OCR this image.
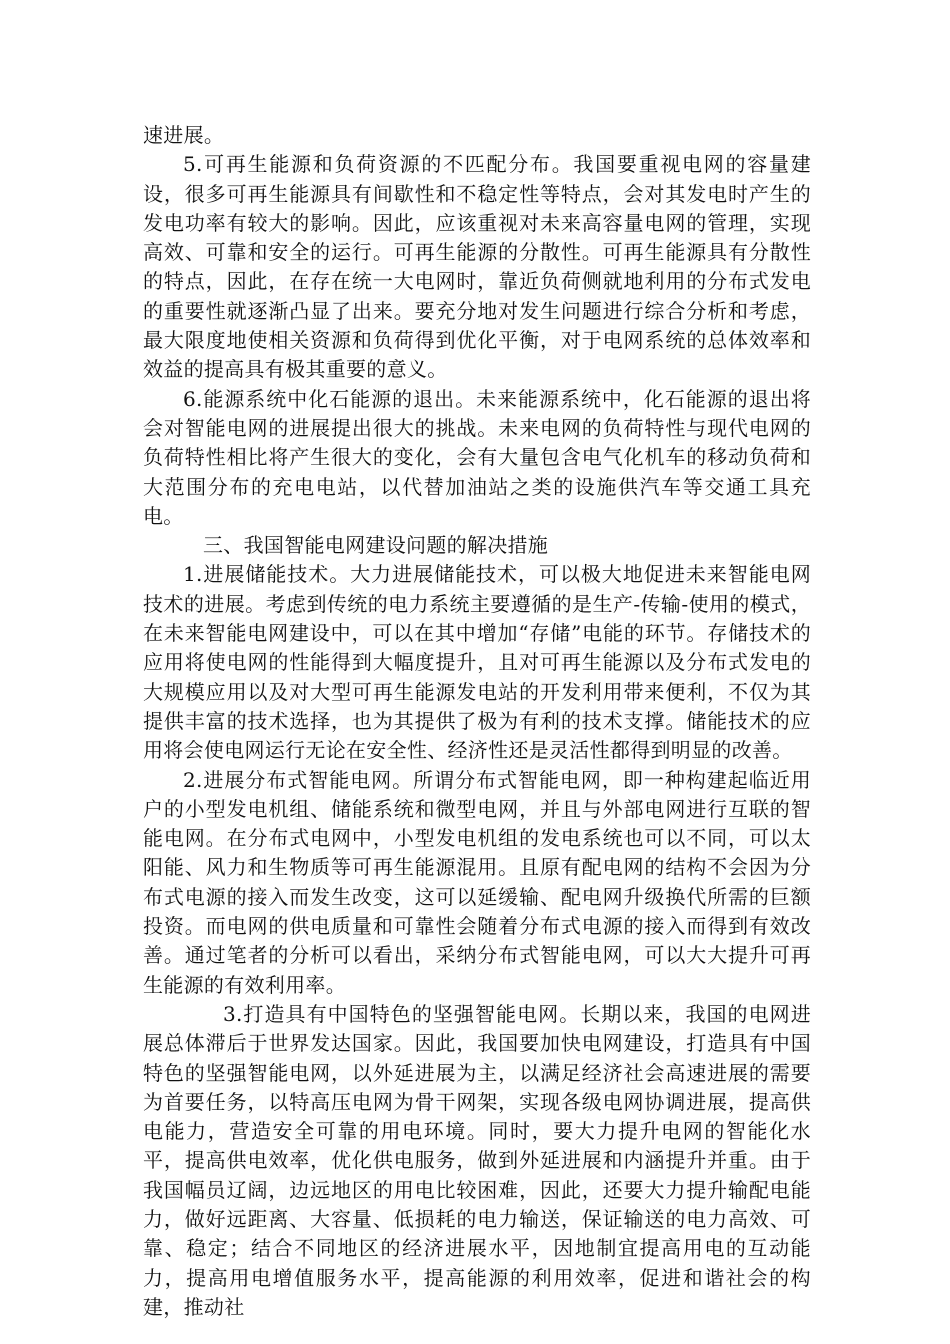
速进展。

5.可再生能源和负荷资源的不匹配分布。我国要重视电网的容量建设，很多可再生能源具有间歇性和不稳定性等特点，会对其发电时产生的发电功率有较大的影响。因此，应该重视对未来高容量电网的管理，实现高效、可靠和安全的运行。可再生能源的分散性。可再生能源具有分散性的特点，因此，在存在统一大电网时，靠近负荷侧就地利用的分布式发电的重要性就逐渐凸显了出来。要充分地对发生问题进行综合分析和考虑，最大限度地使相关资源和负荷得到优化平衡，对于电网系统的总体效率和效益的提高具有极其重要的意义。

6.能源系统中化石能源的退出。未来能源系统中，化石能源的退出将会对智能电网的进展提出很大的挑战。未来电网的负荷特性与现代电网的负荷特性相比将产生很大的变化，会有大量包含电气化机车的移动负荷和大范围分布的充电电站，以代替加油站之类的设施供汽车等交通工具充电。

三、我国智能电网建设问题的解决措施

1.进展储能技术。大力进展储能技术，可以极大地促进未来智能电网技术的进展。考虑到传统的电力系统主要遵循的是生产-传输-使用的模式，在未来智能电网建设中，可以在其中增加“存储”电能的环节。存储技术的应用将使电网的性能得到大幅度提升，且对可再生能源以及分布式发电的大规模应用以及对大型可再生能源发电站的开发利用带来便利，不仅为其提供丰富的技术选择，也为其提供了极为有利的技术支撑。储能技术的应用将会使电网运行无论在安全性、经济性还是灵活性都得到明显的改善。

2.进展分布式智能电网。所谓分布式智能电网，即一种构建起临近用户的小型发电机组、储能系统和微型电网，并且与外部电网进行互联的智能电网。在分布式电网中，小型发电机组的发电系统也可以不同，可以太阳能、风力和生物质等可再生能源混用。且原有配电网的结构不会因为分布式电源的接入而发生改变，这可以延缓输、配电网升级换代所需的巨额投资。而电网的供电质量和可靠性会随着分布式电源的接入而得到有效改善。通过笔者的分析可以看出，采纳分布式智能电网，可以大大提升可再生能源的有效利用率。

3.打造具有中国特色的坚强智能电网。长期以来，我国的电网进展总体滞后于世界发达国家。因此，我国要加快电网建设，打造具有中国特色的坚强智能电网，以外延进展为主，以满足经济社会高速进展的需要为首要任务，以特高压电网为骨干网架，实现各级电网协调进展，提高供电能力，营造安全可靠的用电环境。同时，要大力提升电网的智能化水平，提高供电效率，优化供电服务，做到外延进展和内涵提升并重。由于我国幅员辽阔，边远地区的用电比较困难，因此，还要大力提升输配电能力，做好远距离、大容量、低损耗的电力输送，保证输送的电力高效、可靠、稳定；结合不同地区的经济进展水平，因地制宜提高用电的互动能力，提高用电增值服务水平，提高能源的利用效率，促进和谐社会的构建，推动社
